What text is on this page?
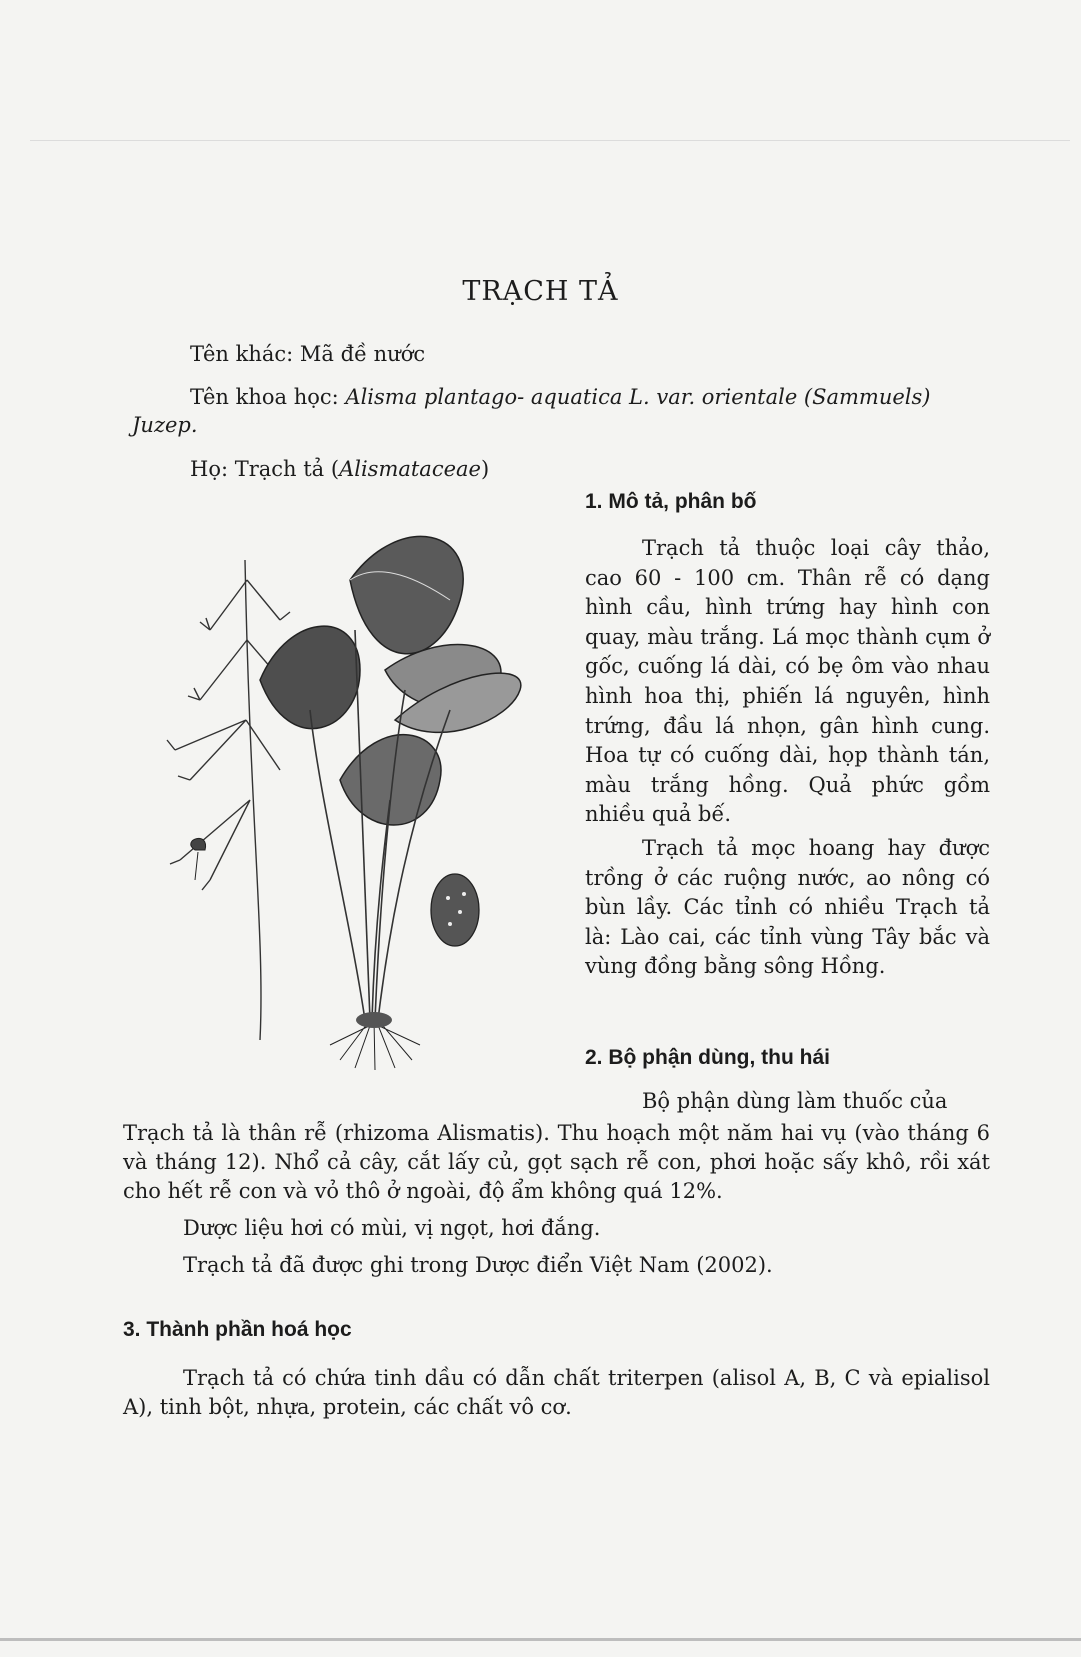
TRẠCH TẢ
Tên khác: Mã đề nước
Tên khoa học: Alisma plantago- aquatica L. var. orientale (Sammuels)
Juzep.
Họ: Trạch tả (Alismataceae)
1. Mô tả, phân bố

Trạch tả thuộc loại cây thảo, cao 60 - 100 cm. Thân rễ có dạng hình cầu, hình trứng hay hình con quay, màu trắng. Lá mọc thành cụm ở gốc, cuống lá dài, có bẹ ôm vào nhau hình hoa thị, phiến lá nguyên, hình trứng, đầu lá nhọn, gân hình cung. Hoa tự có cuống dài, họp thành tán, màu trắng hồng. Quả phức gồm nhiều quả bế.

Trạch tả mọc hoang hay được trồng ở các ruộng nước, ao nông có bùn lầy. Các tỉnh có nhiều Trạch tả là: Lào cai, các tỉnh vùng Tây bắc và vùng đồng bằng sông Hồng.

2. Bộ phận dùng, thu hái
Bộ phận dùng làm thuốc của

Trạch tả là thân rễ (rhizoma Alismatis). Thu hoạch một năm hai vụ (vào tháng 6 và tháng 12). Nhổ cả cây, cắt lấy củ, gọt sạch rễ con, phơi hoặc sấy khô, rồi xát cho hết rễ con và vỏ thô ở ngoài, độ ẩm không quá 12%.

Dược liệu hơi có mùi, vị ngọt, hơi đắng.

Trạch tả đã được ghi trong Dược điển Việt Nam (2002).

3. Thành phần hoá học

Trạch tả có chứa tinh dầu có dẫn chất triterpen (alisol A, B, C và epialisol A), tinh bột, nhựa, protein, các chất vô cơ.
